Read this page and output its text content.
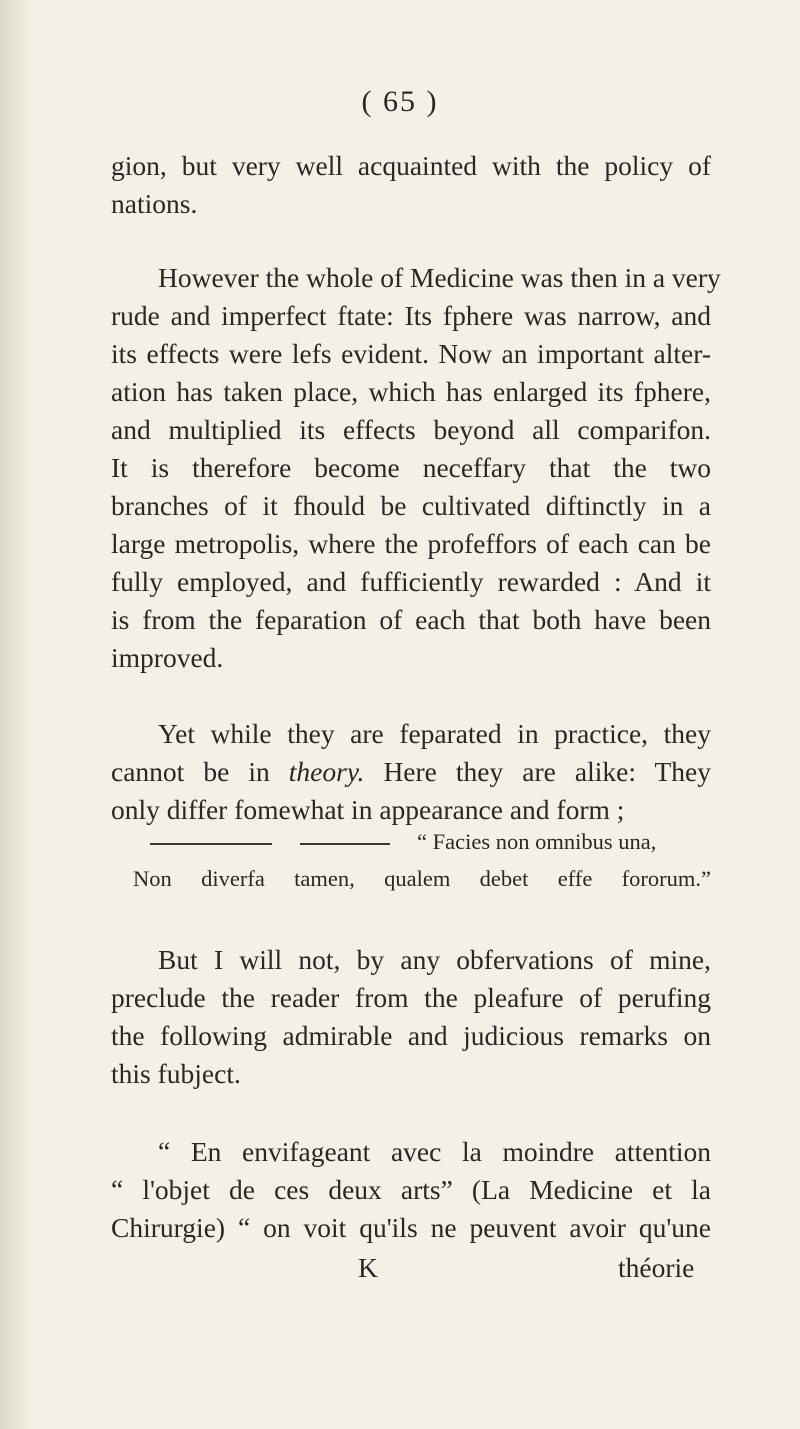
( 65 )
gion, but very well acquainted with the policy of
nations.
However the whole of Medicine was then in a very
rude and imperfect ftate: Its fphere was narrow, and
its effects were lefs evident. Now an important alter-
ation has taken place, which has enlarged its fphere,
and multiplied its effects beyond all comparifon.
It is therefore become neceffary that the two
branches of it fhould be cultivated diftinctly in a
large metropolis, where the profeffors of each can be
fully employed, and fufficiently rewarded : And it
is from the feparation of each that both have been
improved.
Yet while they are feparated in practice, they
cannot be in theory. Here they are alike: They
only differ fomewhat in appearance and form ;
“ Facies non omnibus una,
Non diverfa tamen, qualem debet effe fororum.”
But I will not, by any obfervations of mine,
preclude the reader from the pleafure of perufing
the following admirable and judicious remarks on
this fubject.
“ En envifageant avec la moindre attention
“ l'objet de ces deux arts” (La Medicine et la
Chirurgie) “ on voit qu'ils ne peuvent avoir qu'une
K	théorie
